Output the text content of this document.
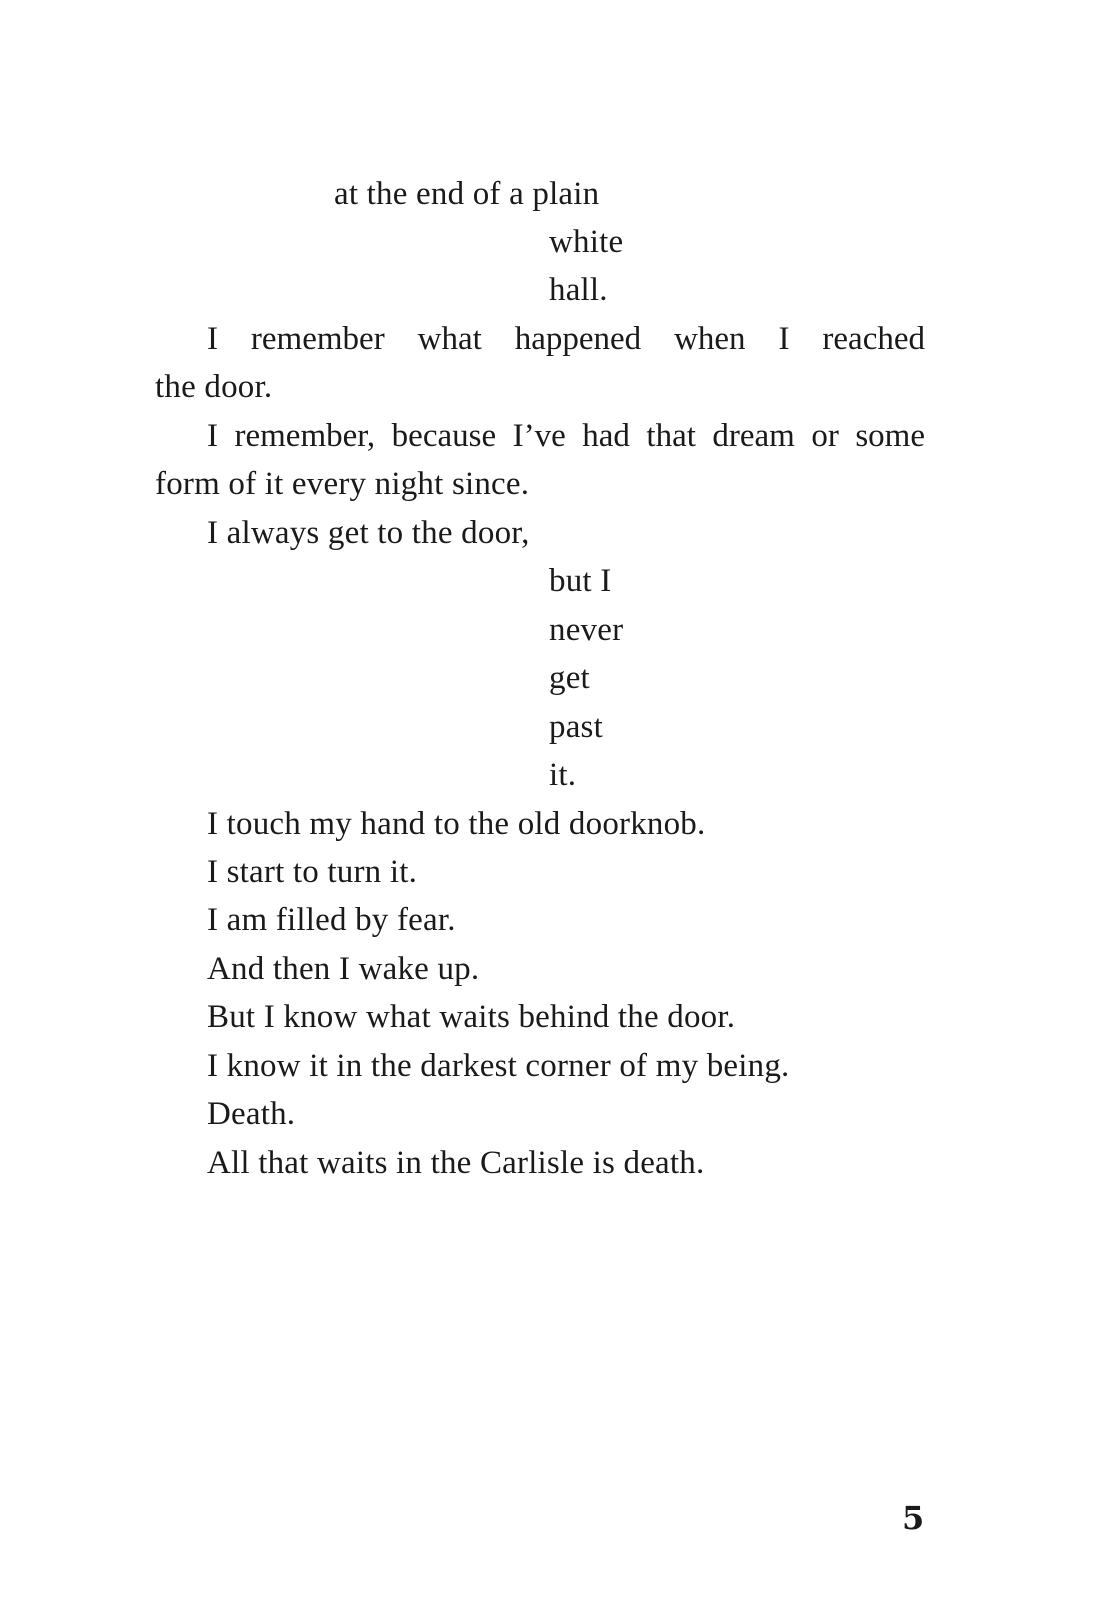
at the end of a plain
white
hall.
I remember what happened when I reached
the door.
I remember, because I’ve had that dream or some
form of it every night since.
I always get to the door,
but I
never
get
past
it.
I touch my hand to the old doorknob.
I start to turn it.
I am filled by fear.
And then I wake up.
But I know what waits behind the door.
I know it in the darkest corner of my being.
Death.
All that waits in the Carlisle is death.
5
